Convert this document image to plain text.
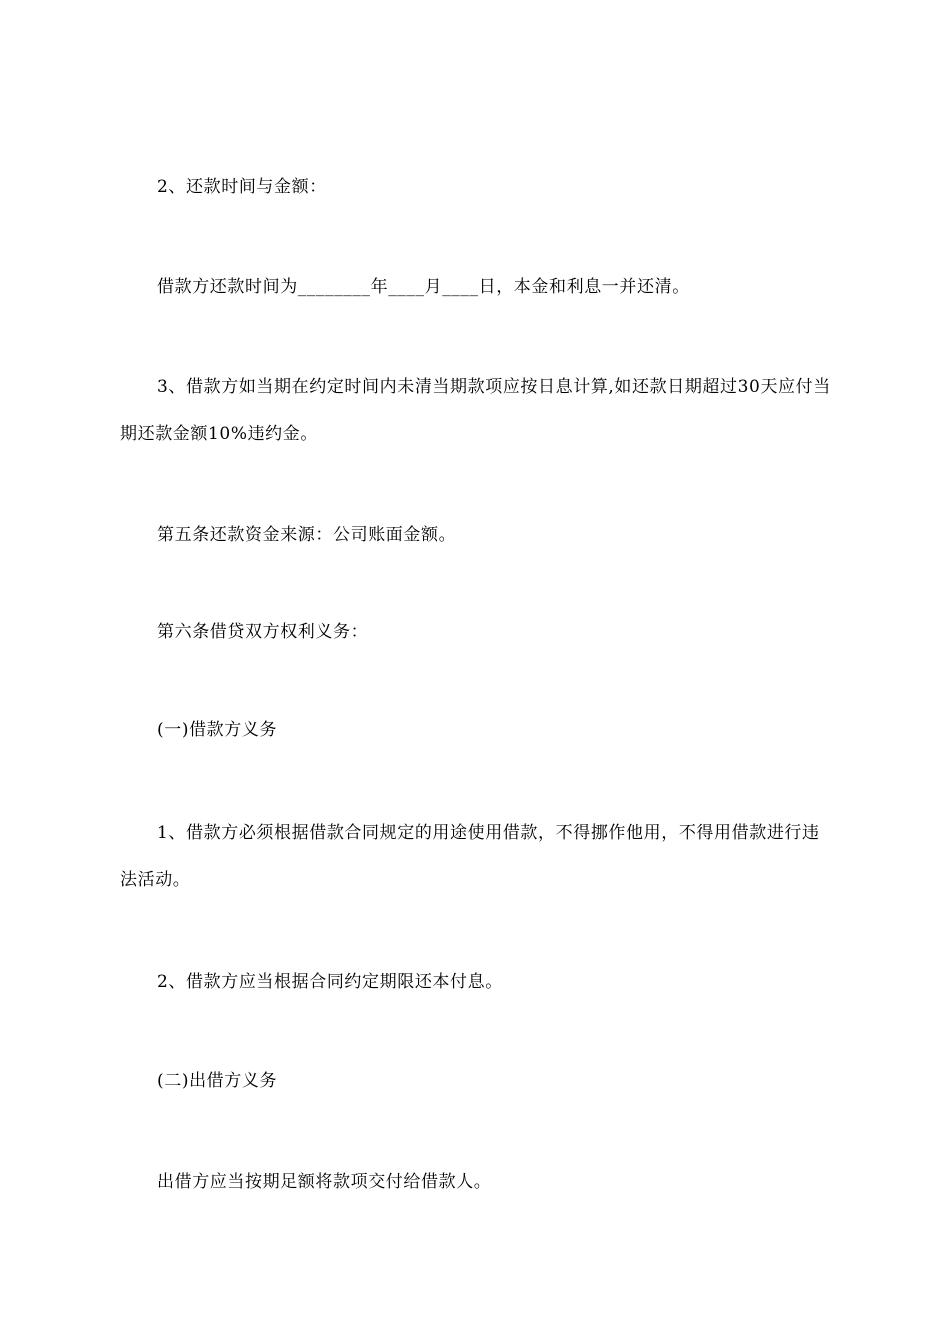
2、还款时间与金额：

借款方还款时间为________年____月____日，本金和利息一并还清。

3、借款方如当期在约定时间内未清当期款项应按日息计算,如还款日期超过30天应付当期还款金额10%违约金。

第五条还款资金来源：公司账面金额。

第六条借贷双方权利义务：

(一)借款方义务

1、借款方必须根据借款合同规定的用途使用借款，不得挪作他用，不得用借款进行违法活动。

2、借款方应当根据合同约定期限还本付息。

(二)出借方义务

出借方应当按期足额将款项交付给借款人。
